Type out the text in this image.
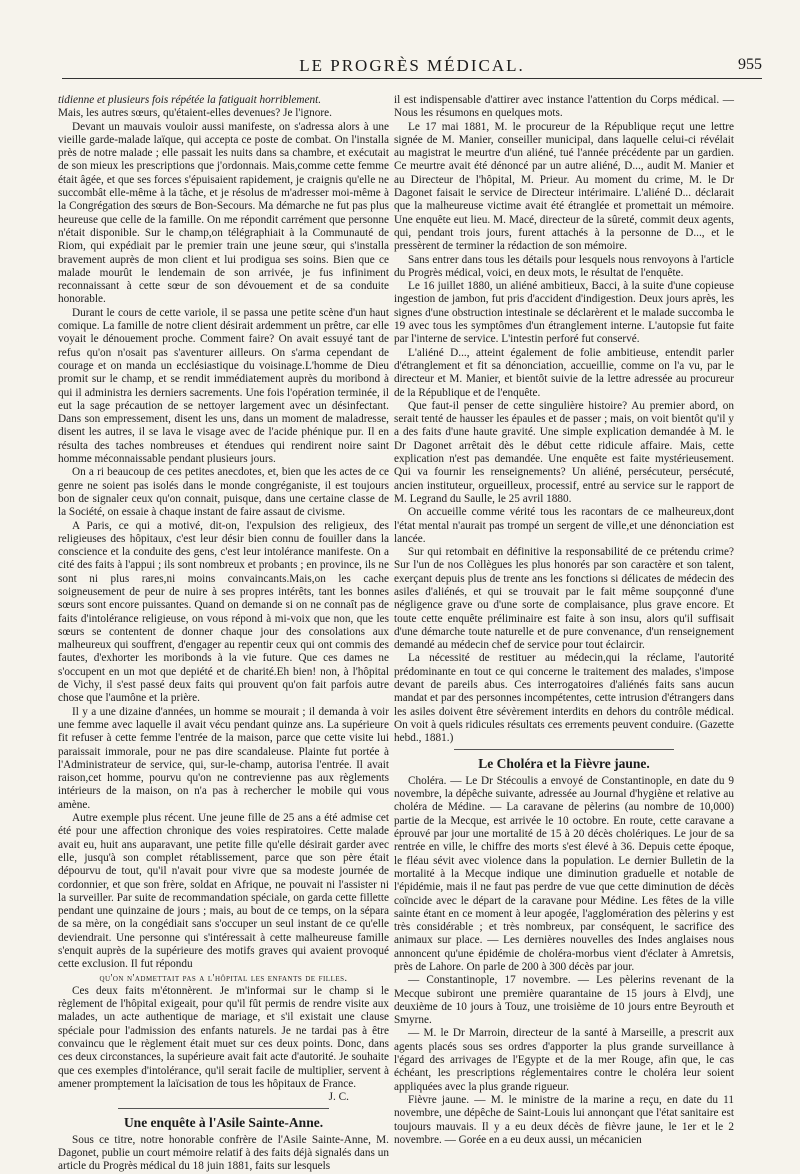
LE PROGRÈS MÉDICAL.	955

tidienne et plusieurs fois répétée la fatiguait horriblement.

Mais, les autres sœurs, qu'étaient-elles devenues? Je l'ignore.

Devant un mauvais vouloir aussi manifeste, on s'adressa alors à une vieille garde-malade laïque, qui accepta ce poste de combat. On l'installa près de notre malade ; elle passait les nuits dans sa chambre, et exécutait de son mieux les prescriptions que j'ordonnais. Mais,comme cette femme était âgée, et que ses forces s'épuisaient rapidement, je craignis qu'elle ne succombât elle-même à la tâche, et je résolus de m'adresser moi-même à la Congrégation des sœurs de Bon-Secours. Ma démarche ne fut pas plus heureuse que celle de la famille. On me répondit carrément que personne n'était disponible. Sur le champ,on télégraphiait à la Communauté de Riom, qui expédiait par le premier train une jeune sœur, qui s'installa bravement auprès de mon client et lui prodigua ses soins. Bien que ce malade mourût le lendemain de son arrivée, je fus infiniment reconnaissant à cette sœur de son dévouement et de sa conduite honorable.

Durant le cours de cette variole, il se passa une petite scène d'un haut comique. La famille de notre client désirait ardemment un prêtre, car elle voyait le dénouement proche. Comment faire? On avait essuyé tant de refus qu'on n'osait pas s'aventurer ailleurs. On s'arma cependant de courage et on manda un ecclésiastique du voisinage.L'homme de Dieu promit sur le champ, et se rendit immédiatement auprès du moribond à qui il administra les derniers sacrements. Une fois l'opération terminée, il eut la sage précaution de se nettoyer largement avec un désinfectant. Dans son empressement, disent les uns, dans un moment de maladresse, disent les autres, il se lava le visage avec de l'acide phénique pur. Il en résulta des taches nombreuses et étendues qui rendirent noire saint homme méconnaissable pendant plusieurs jours.

On a ri beaucoup de ces petites anecdotes, et, bien que les actes de ce genre ne soient pas isolés dans le monde congréganiste, il est toujours bon de signaler ceux qu'on connait, puisque, dans une certaine classe de la Société, on essaie à chaque instant de faire assaut de civisme.

A Paris, ce qui a motivé, dit-on, l'expulsion des religieux, des religieuses des hôpitaux, c'est leur désir bien connu de fouiller dans la conscience et la conduite des gens, c'est leur intolérance manifeste. On a cité des faits à l'appui ; ils sont nombreux et probants ; en province, ils ne sont ni plus rares,ni moins convaincants.Mais,on les cache soigneusement de peur de nuire à ses propres intérêts, tant les bonnes sœurs sont encore puissantes. Quand on demande si on ne connaît pas de faits d'intolérance religieuse, on vous répond à mi-voix que non, que les sœurs se contentent de donner chaque jour des consolations aux malheureux qui souffrent, d'engager au repentir ceux qui ont commis des fautes, d'exhorter les moribonds à la vie future. Que ces dames ne s'occupent en un mot que depiété et de charité.Eh bien! non, à l'hôpital de Vichy, il s'est passé deux faits qui prouvent qu'on fait parfois autre chose que l'aumône et la prière.

Il y a une dizaine d'années, un homme se mourait ; il demanda à voir une femme avec laquelle il avait vécu pendant quinze ans. La supérieure fit refuser à cette femme l'entrée de la maison, parce que cette visite lui paraissait immorale, pour ne pas dire scandaleuse. Plainte fut portée à l'Administrateur de service, qui, sur-le-champ, autorisa l'entrée. Il avait raison,cet homme, pourvu qu'on ne contrevienne pas aux règlements intérieurs de la maison, on n'a pas à rechercher le mobile qui vous amène.

Autre exemple plus récent. Une jeune fille de 25 ans a été admise cet été pour une affection chronique des voies respiratoires. Cette malade avait eu, huit ans auparavant, une petite fille qu'elle désirait garder avec elle, jusqu'à son complet rétablissement, parce que son père était dépourvu de tout, qu'il n'avait pour vivre que sa modeste journée de cordonnier, et que son frère, soldat en Afrique, ne pouvait ni l'assister ni la surveiller. Par suite de recommandation spéciale, on garda cette fillette pendant une quinzaine de jours ; mais, au bout de ce temps, on la sépara de sa mère, on la congédiait sans s'occuper un seul instant de ce qu'elle deviendrait. Une personne qui s'intéressait à cette malheureuse famille s'enquit auprès de la supérieure des motifs graves qui avaient provoqué cette exclusion. Il fut répondu

qu'on n'admettait pas a l'hôpital les enfants de filles.

Ces deux faits m'étonnèrent. Je m'informai sur le champ si le règlement de l'hôpital exigeait, pour qu'il fût permis de rendre visite aux malades, un acte authentique de mariage, et s'il existait une clause spéciale pour l'admission des enfants naturels. Je ne tardai pas à être convaincu que le règlement était muet sur ces deux points. Donc, dans ces deux circonstances, la supérieure avait fait acte d'autorité. Je souhaite que ces exemples d'intolérance, qu'il serait facile de multiplier, servent à amener promptement la laïcisation de tous les hôpitaux de France.

J. C.

Une enquête à l'Asile Sainte-Anne.

Sous ce titre, notre honorable confrère de l'Asile Sainte-Anne, M. Dagonet, publie un court mémoire relatif à des faits déjà signalés dans un article du Progrès médical du 18 juin 1881, faits sur lesquels

il est indispensable d'attirer avec instance l'attention du Corps médical. — Nous les résumons en quelques mots.

Le 17 mai 1881, M. le procureur de la République reçut une lettre signée de M. Manier, conseiller municipal, dans laquelle celui-ci révélait au magistrat le meurtre d'un aliéné, tué l'année précédente par un gardien. Ce meurtre avait été dénoncé par un autre aliéné, D..., audit M. Manier et au Directeur de l'hôpital, M. Prieur. Au moment du crime, M. le Dr Dagonet faisait le service de Directeur intérimaire. L'aliéné D... déclarait que la malheureuse victime avait été étranglée et promettait un mémoire. Une enquête eut lieu. M. Macé, directeur de la sûreté, commit deux agents, qui, pendant trois jours, furent attachés à la personne de D..., et le pressèrent de terminer la rédaction de son mémoire.

Sans entrer dans tous les détails pour lesquels nous renvoyons à l'article du Progrès médical, voici, en deux mots, le résultat de l'enquête.

Le 16 juillet 1880, un aliéné ambitieux, Bacci, à la suite d'une copieuse ingestion de jambon, fut pris d'accident d'indigestion. Deux jours après, les signes d'une obstruction intestinale se déclarèrent et le malade succomba le 19 avec tous les symptômes d'un étranglement interne. L'autopsie fut faite par l'interne de service. L'intestin perforé fut conservé.

L'aliéné D..., atteint également de folie ambitieuse, entendit parler d'étranglement et fit sa dénonciation, accueillie, comme on l'a vu, par le directeur et M. Manier, et bientôt suivie de la lettre adressée au procureur de la République et de l'enquête.

Que faut-il penser de cette singulière histoire? Au premier abord, on serait tenté de hausser les épaules et de passer ; mais, on voit bientôt qu'il y a des faits d'une haute gravité. Une simple explication demandée à M. le Dr Dagonet arrêtait dès le début cette ridicule affaire. Mais, cette explication n'est pas demandée. Une enquête est faite mystérieusement. Qui va fournir les renseignements? Un aliéné, persécuteur, persécuté, ancien instituteur, orgueilleux, processif, entré au service sur le rapport de M. Legrand du Saulle, le 25 avril 1880.

On accueille comme vérité tous les racontars de ce malheureux,dont l'état mental n'aurait pas trompé un sergent de ville,et une dénonciation est lancée.

Sur qui retombait en définitive la responsabilité de ce prétendu crime? Sur l'un de nos Collègues les plus honorés par son caractère et son talent, exerçant depuis plus de trente ans les fonctions si délicates de médecin des asiles d'aliénés, et qui se trouvait par le fait même soupçonné d'une négligence grave ou d'une sorte de complaisance, plus grave encore. Et toute cette enquête préliminaire est faite à son insu, alors qu'il suffisait d'une démarche toute naturelle et de pure convenance, d'un renseignement demandé au médecin chef de service pour tout éclaircir.

La nécessité de restituer au médecin,qui la réclame, l'autorité prédominante en tout ce qui concerne le traitement des malades, s'impose devant de pareils abus. Ces interrogatoires d'aliénés faits sans aucun mandat et par des personnes incompétentes, cette intrusion d'étrangers dans les asiles doivent être sévèrement interdits en dehors du contrôle médical. On voit à quels ridicules résultats ces errements peuvent conduire. (Gazette hebd., 1881.)

Le Choléra et la Fièvre jaune.

Choléra. — Le Dr Stécoulis a envoyé de Constantinople, en date du 9 novembre, la dépêche suivante, adressée au Journal d'hygiène et relative au choléra de Médine. — La caravane de pèlerins (au nombre de 10,000) partie de la Mecque, est arrivée le 10 octobre. En route, cette caravane a éprouvé par jour une mortalité de 15 à 20 décès cholériques. Le jour de sa rentrée en ville, le chiffre des morts s'est élevé à 36. Depuis cette époque, le fléau sévit avec violence dans la population. Le dernier Bulletin de la mortalité à la Mecque indique une diminution graduelle et notable de l'épidémie, mais il ne faut pas perdre de vue que cette diminution de décès coïncide avec le départ de la caravane pour Médine. Les fêtes de la ville sainte étant en ce moment à leur apogée, l'agglomération des pèlerins y est très considérable ; et très nombreux, par conséquent, le sacrifice des animaux sur place. — Les dernières nouvelles des Indes anglaises nous annoncent qu'une épidémie de choléra-morbus vient d'éclater à Amretsis, près de Lahore. On parle de 200 à 300 décès par jour.

— Constantinople, 17 novembre. — Les pèlerins revenant de la Mecque subiront une première quarantaine de 15 jours à Elvdj, une deuxième de 10 jours à Touz, une troisième de 10 jours entre Beyrouth et Smyrne.

— M. le Dr Marroin, directeur de la santé à Marseille, a prescrit aux agents placés sous ses ordres d'apporter la plus grande surveillance à l'égard des arrivages de l'Egypte et de la mer Rouge, afin que, le cas échéant, les prescriptions réglementaires contre le choléra leur soient appliquées avec la plus grande rigueur.

Fièvre jaune. — M. le ministre de la marine a reçu, en date du 11 novembre, une dépêche de Saint-Louis lui annonçant que l'état sanitaire est toujours mauvais. Il y a eu deux décès de fièvre jaune, le 1er et le 2 novembre. — Gorée en a eu deux aussi, un mécanicien
